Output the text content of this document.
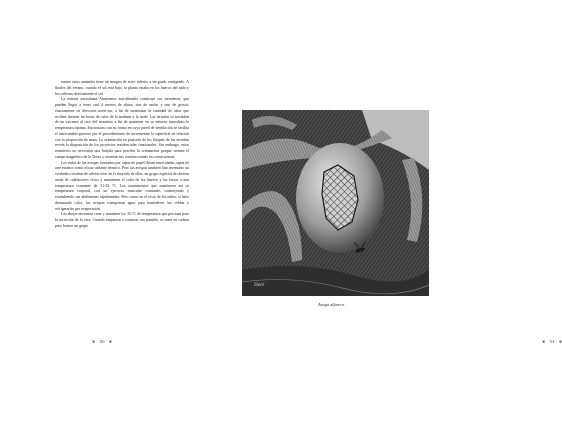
natura estos animales tiene un margen de error inferior a un grado centígrado. A finales del verano, cuando el sol está bajo, la planta estaba en los huecos del nido y los calienta directamente el sol.

La termita australiana Amitermes meridionalis construye sus termiteros, que pueden llegar a tener casi 4 metros de altura, tras de ancho y uno de grosor, exactamente en dirección norte-sur, a fin de minimizar la cantidad de calor que reciben durante las horas de calor de la mañana y la tarde. Las termitas se trasladan de un extremo al otro del termitero a fin de mantener en su entorno inmediato la temperatura óptima. Estructuras con su forma en cuya pared de ventilación se facilita el intercambio gaseoso por el procedimiento de incrementar la superficie en relación con la proporción de masa. La orientación en posición de los bloques de las termitas revela la disposición de los proyectos residenciales funcionales. Sin embargo, estos termiteros no necesitan una brújula para percibir la orientación porque sienten el campo magnético de la Tierra y orientan sus construcciones en consecuencia.

Los nidos de las avispas formados por capas de papel llevan intercaladas capas de aire estanco como eficaz aislante térmico. Pero las avispas también han inventado un verdadero sistema de calefacción: en la mayoría de ellas, un grupo especial de obreras actúa de calefactores vivos y mantienen el calor de los huevos y las larvas a una temperatura constante de 31-33 °C. Los instrumentos que mantienen así su temperatura corporal, con un ejercicio muscular constante, contrayendo y extendiendo sus abdómenes rápidamente. Pero como en el resto de los nidos, si hace demasiado calor, las avispas transportan agua para humedecer las celdas y refrigerarlas por evaporación.

Las abejas necesitan crear y mantener los 35 °C de temperatura que precisan para la secreción de la cera. Cuando empiezan a construir sus panales, se unen en cadena para formar un grupo

❦ 50 ❦
Doré
Avispa alfarera.
❦ 51 ❦
